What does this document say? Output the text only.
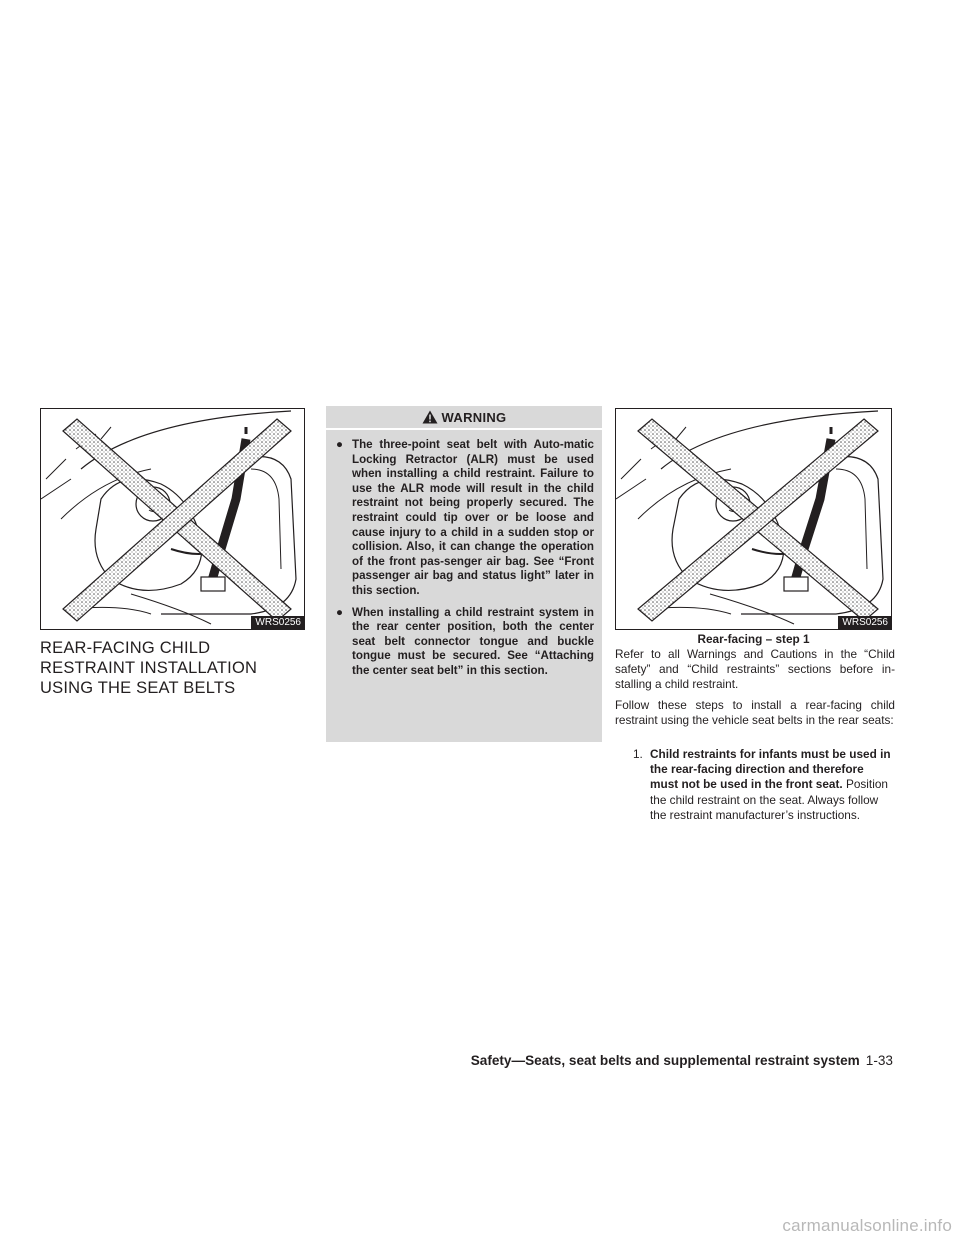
WRS0256
REAR-FACING CHILD RESTRAINT INSTALLATION USING THE SEAT BELTS
WARNING
● The three-point seat belt with Auto-matic Locking Retractor (ALR) must be used when installing a child restraint. Failure to use the ALR mode will result in the child restraint not being properly secured. The restraint could tip over or be loose and cause injury to a child in a sudden stop or collision. Also, it can change the operation of the front pas-senger air bag. See “Front passenger air bag and status light” later in this section.
● When installing a child restraint system in the rear center position, both the center seat belt connector tongue and buckle tongue must be secured. See “Attaching the center seat belt” in this section.
WRS0256
Rear-facing – step 1

Refer to all Warnings and Cautions in the “Child safety” and “Child restraints” sections before in-stalling a child restraint.

Follow these steps to install a rear-facing child restraint using the vehicle seat belts in the rear seats:

1. Child restraints for infants must be used in the rear-facing direction and therefore must not be used in the front seat. Position the child restraint on the seat. Always follow the restraint manufacturer’s instructions.
Safety—Seats, seat belts and supplemental restraint system 1-33
carmanualsonline.info
